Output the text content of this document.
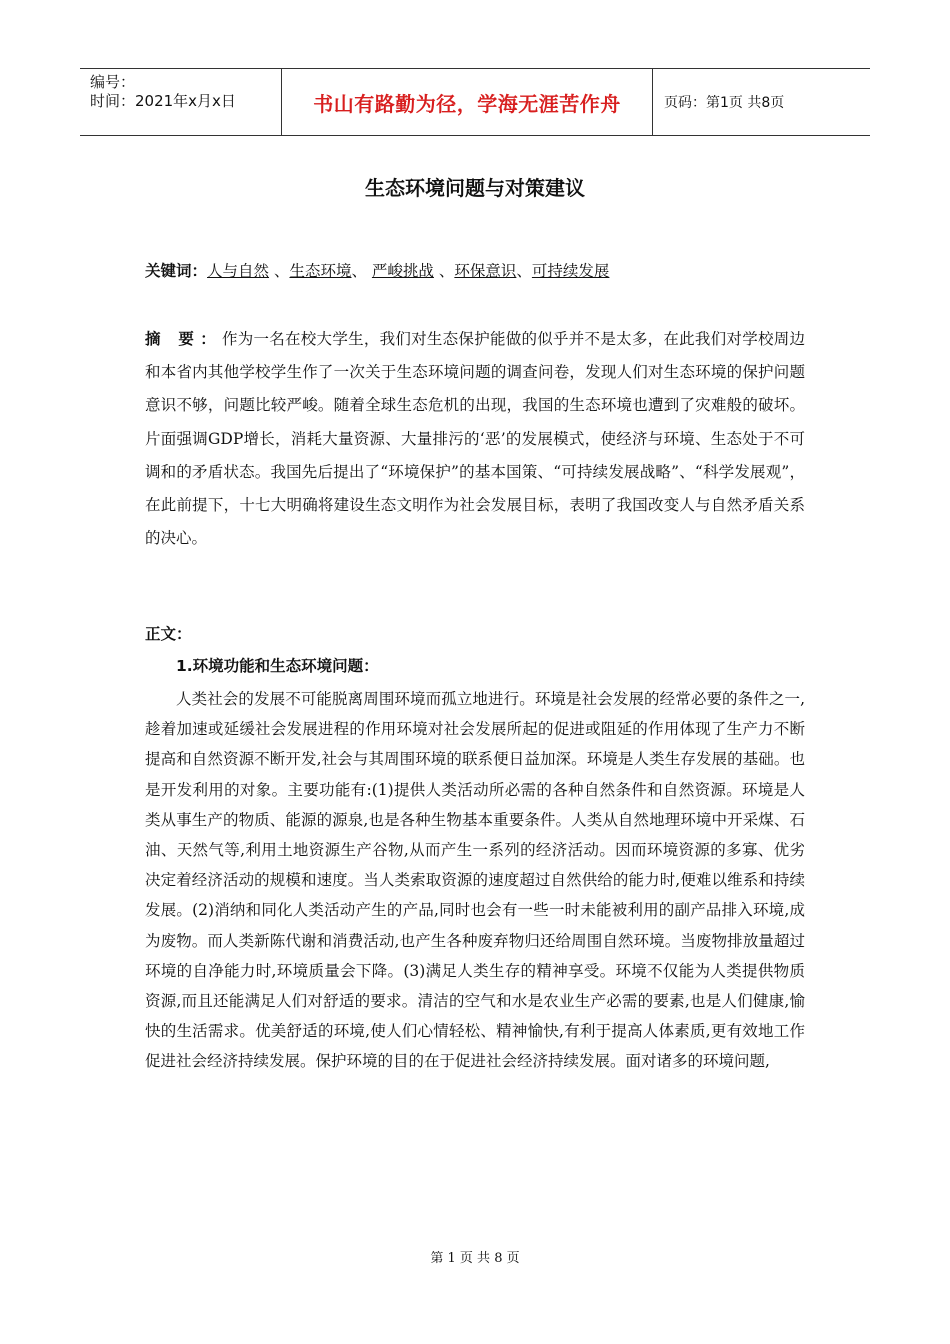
编号：
时间：2021年x月x日	书山有路勤为径，学海无涯苦作舟	页码：第1页 共8页
生态环境问题与对策建议
关键词：人与自然 、生态环境、 严峻挑战 、环保意识、可持续发展
摘 要：作为一名在校大学生，我们对生态保护能做的似乎并不是太多，在此我们对学校周边和本省内其他学校学生作了一次关于生态环境问题的调查问卷，发现人们对生态环境的保护问题意识不够，问题比较严峻。随着全球生态危机的出现，我国的生态环境也遭到了灾难般的破坏。片面强调GDP增长，消耗大量资源、大量排污的‘恶’的发展模式，使经济与环境、生态处于不可调和的矛盾状态。我国先后提出了“环境保护”的基本国策、“可持续发展战略”、“科学发展观”，在此前提下，十七大明确将建设生态文明作为社会发展目标，表明了我国改变人与自然矛盾关系的决心。
正文：
1.环境功能和生态环境问题：
人类社会的发展不可能脱离周围环境而孤立地进行。环境是社会发展的经常必要的条件之一,趁着加速或延缓社会发展进程的作用环境对社会发展所起的促进或阻延的作用体现了生产力不断提高和自然资源不断开发,社会与其周围环境的联系便日益加深。环境是人类生存发展的基础。也是开发利用的对象。主要功能有:(1)提供人类活动所必需的各种自然条件和自然资源。环境是人类从事生产的物质、能源的源泉,也是各种生物基本重要条件。人类从自然地理环境中开采煤、石油、天然气等,利用土地资源生产谷物,从而产生一系列的经济活动。因而环境资源的多寡、优劣决定着经济活动的规模和速度。当人类索取资源的速度超过自然供给的能力时,便难以维系和持续发展。(2)消纳和同化人类活动产生的产品,同时也会有一些一时未能被利用的副产品排入环境,成为废物。而人类新陈代谢和消费活动,也产生各种废弃物归还给周围自然环境。当废物排放量超过环境的自净能力时,环境质量会下降。(3)满足人类生存的精神享受。环境不仅能为人类提供物质资源,而且还能满足人们对舒适的要求。清洁的空气和水是农业生产必需的要素,也是人们健康,愉快的生活需求。优美舒适的环境,使人们心情轻松、精神愉快,有利于提高人体素质,更有效地工作促进社会经济持续发展。保护环境的目的在于促进社会经济持续发展。面对诸多的环境问题,
第 1 页 共 8 页
